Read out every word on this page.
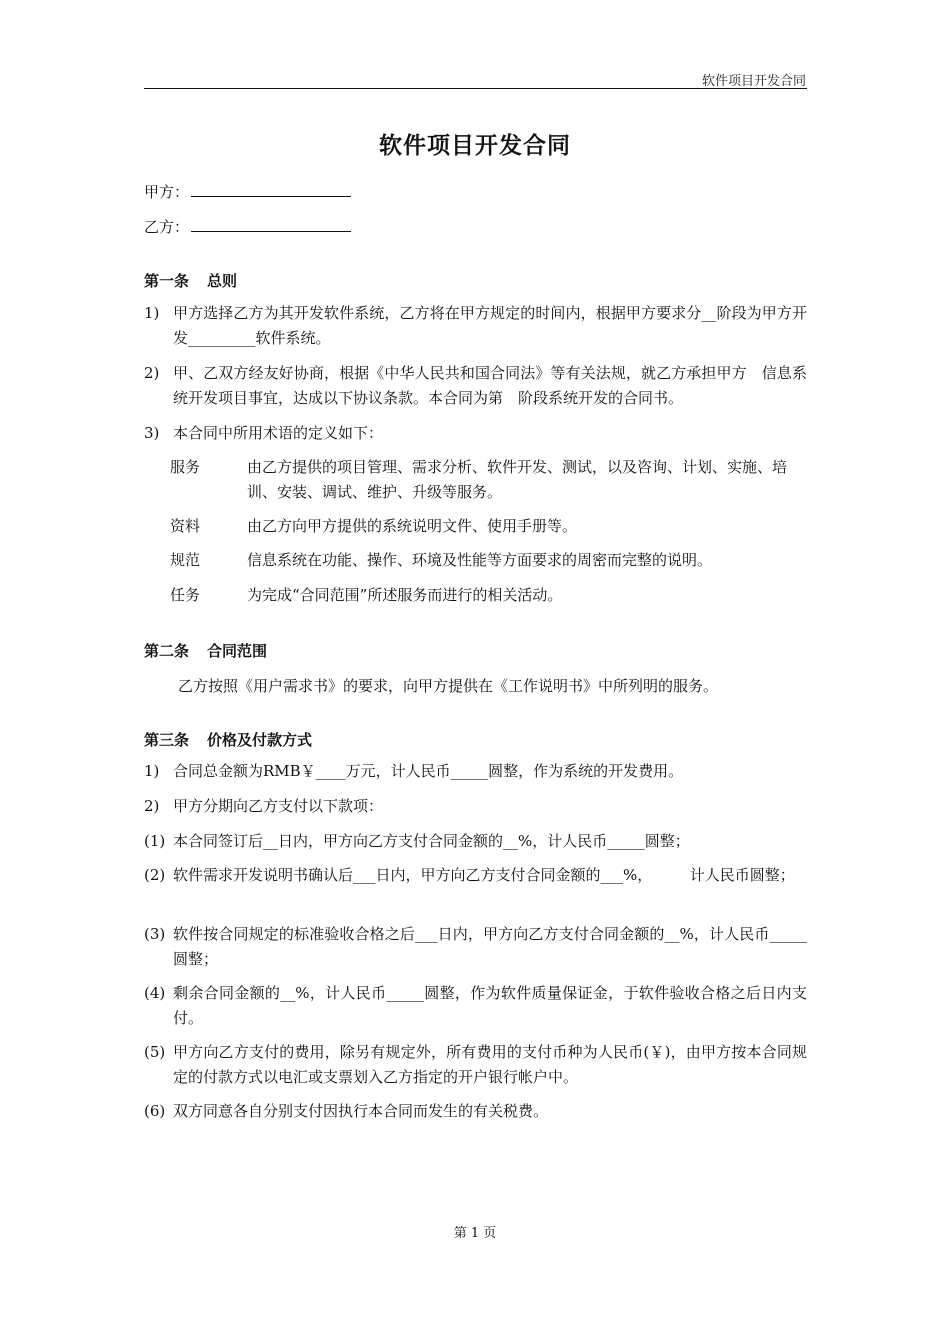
软件项目开发合同
软件项目开发合同
甲方：
乙方：
第一条 总则
1) 甲方选择乙方为其开发软件系统，乙方将在甲方规定的时间内，根据甲方要求分__阶段为甲方开发_________软件系统。
2) 甲、乙双方经友好协商，根据《中华人民共和国合同法》等有关法规，就乙方承担甲方　信息系统开发项目事宜，达成以下协议条款。本合同为第　阶段系统开发的合同书。
3) 本合同中所用术语的定义如下：
服务	由乙方提供的项目管理、需求分析、软件开发、测试，以及咨询、计划、实施、培训、安装、调试、维护、升级等服务。
资料	由乙方向甲方提供的系统说明文件、使用手册等。
规范	信息系统在功能、操作、环境及性能等方面要求的周密而完整的说明。
任务	为完成“合同范围”所述服务而进行的相关活动。
第二条 合同范围
乙方按照《用户需求书》的要求，向甲方提供在《工作说明书》中所列明的服务。
第三条 价格及付款方式
1) 合同总金额为RMB￥____万元，计人民币_____圆整，作为系统的开发费用。
2) 甲方分期向乙方支付以下款项：
(1) 本合同签订后__日内，甲方向乙方支付合同金额的__%，计人民币_____圆整；
(2) 软件需求开发说明书确认后___日内，甲方向乙方支付合同金额的___%，　　　计人民币圆整；
(3) 软件按合同规定的标准验收合格之后___日内，甲方向乙方支付合同金额的__%，计人民币_____圆整；
(4) 剩余合同金额的__%，计人民币_____圆整，作为软件质量保证金，于软件验收合格之后日内支付。
(5) 甲方向乙方支付的费用，除另有规定外，所有费用的支付币种为人民币(￥)，由甲方按本合同规定的付款方式以电汇或支票划入乙方指定的开户银行帐户中。
(6) 双方同意各自分别支付因执行本合同而发生的有关税费。
第 1 页
